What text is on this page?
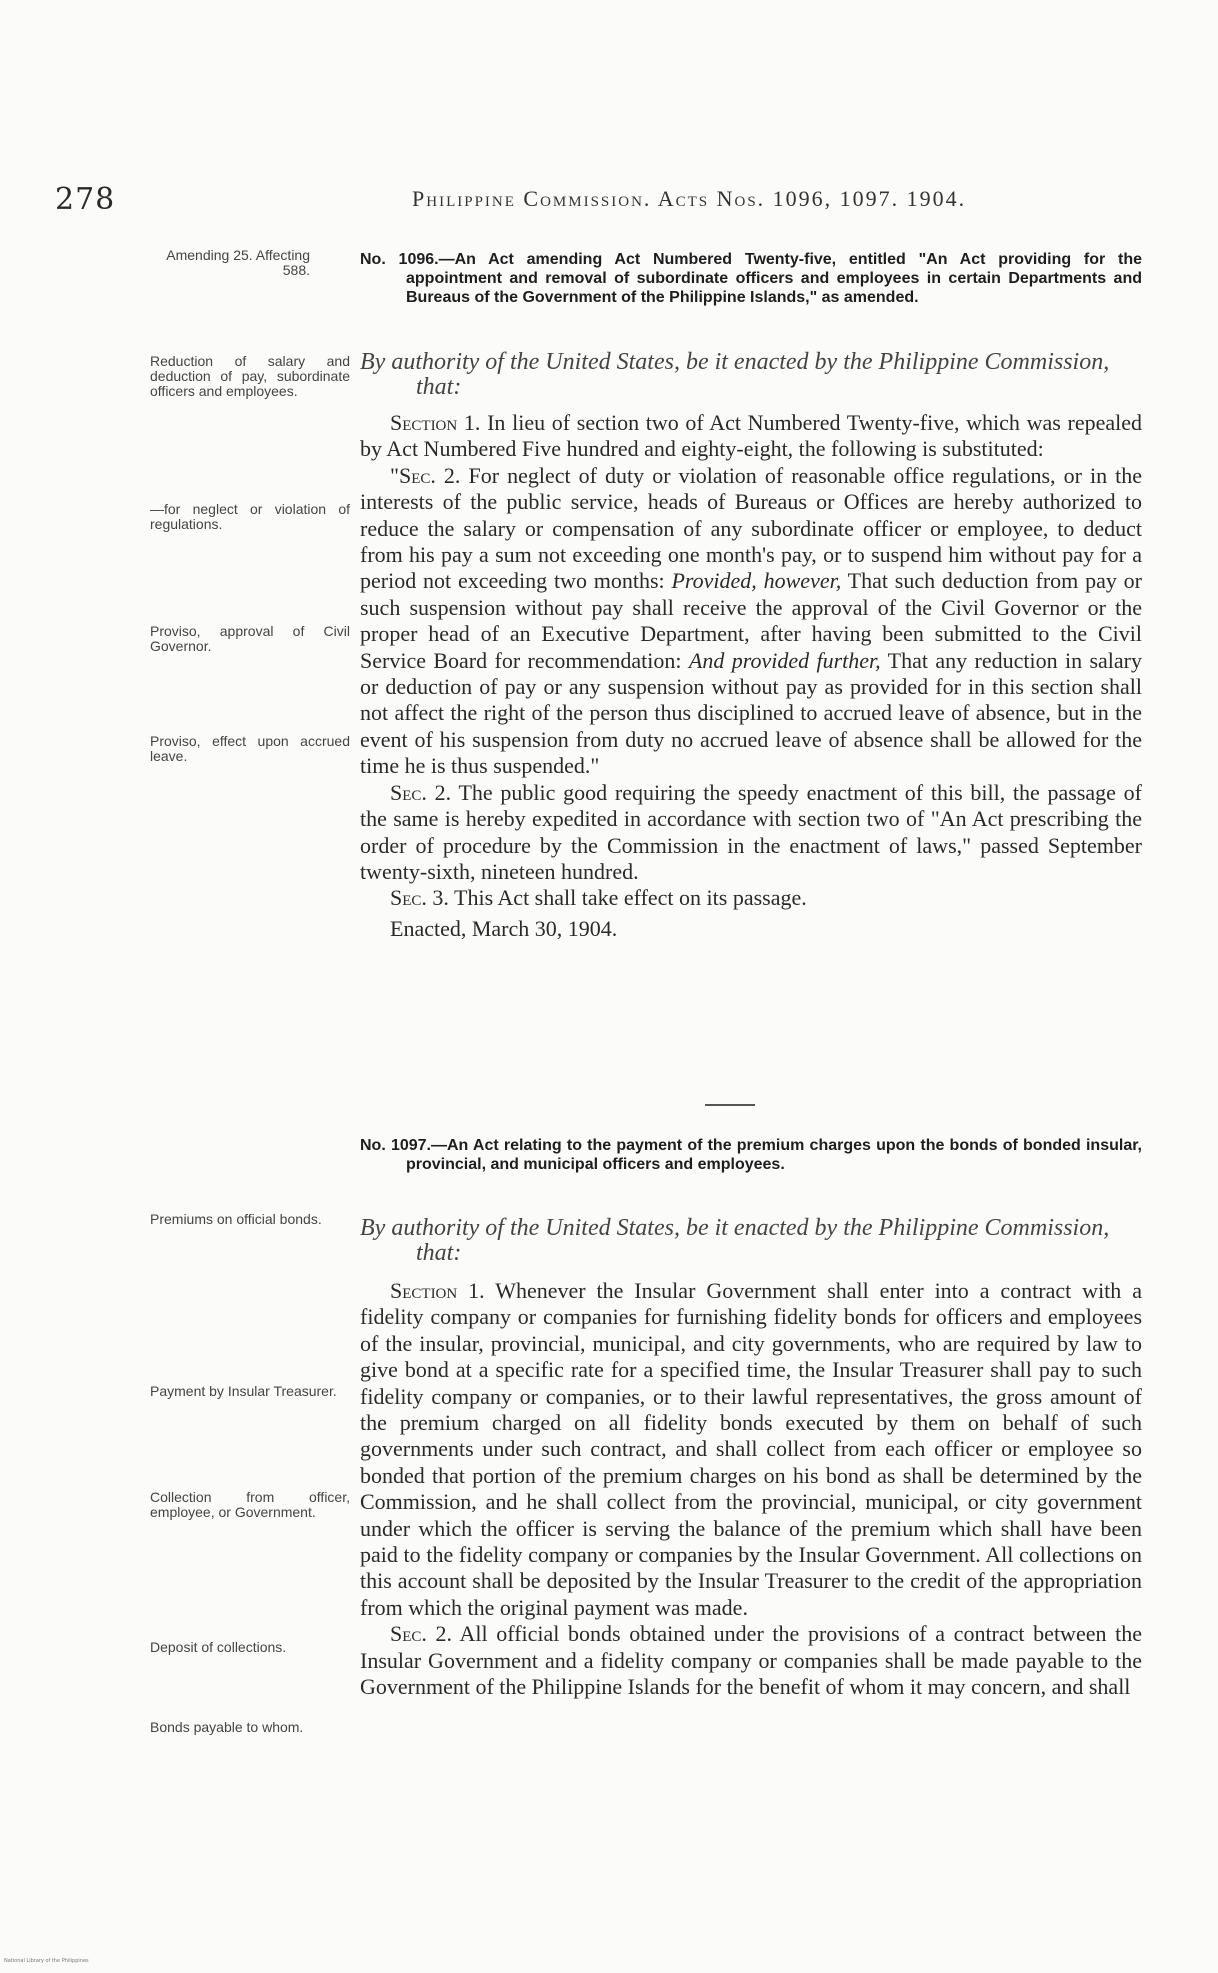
278	Philippine Commission. Acts Nos. 1096, 1097. 1904.
Amending 25. Affecting 588.
No. 1096.—An Act amending Act Numbered Twenty-five, entitled "An Act providing for the appointment and removal of subordinate officers and employees in certain Departments and Bureaus of the Government of the Philippine Islands," as amended.
By authority of the United States, be it enacted by the Philippine Commission, that:
Reduction of salary and deduction of pay, subordinate officers and employees.
—for neglect or violation of regulations.
Proviso, approval of Civil Governor.
Proviso, effect upon accrued leave.

Section 1. In lieu of section two of Act Numbered Twenty-five, which was repealed by Act Numbered Five hundred and eighty-eight, the following is substituted:

"Sec. 2. For neglect of duty or violation of reasonable office regulations, or in the interests of the public service, heads of Bureaus or Offices are hereby authorized to reduce the salary or compensation of any subordinate officer or employee, to deduct from his pay a sum not exceeding one month's pay, or to suspend him without pay for a period not exceeding two months: Provided, however, That such deduction from pay or such suspension without pay shall receive the approval of the Civil Governor or the proper head of an Executive Department, after having been submitted to the Civil Service Board for recommendation: And provided further, That any reduction in salary or deduction of pay or any suspension without pay as provided for in this section shall not affect the right of the person thus disciplined to accrued leave of absence, but in the event of his suspension from duty no accrued leave of absence shall be allowed for the time he is thus suspended."

Sec. 2. The public good requiring the speedy enactment of this bill, the passage of the same is hereby expedited in accordance with section two of "An Act prescribing the order of procedure by the Commission in the enactment of laws," passed September twenty-sixth, nineteen hundred.

Sec. 3. This Act shall take effect on its passage.

Enacted, March 30, 1904.

No. 1097.—An Act relating to the payment of the premium charges upon the bonds of bonded insular, provincial, and municipal officers and employees.
By authority of the United States, be it enacted by the Philippine Commission, that:
Premiums on official bonds.
Payment by Insular Treasurer.
Collection from officer, employee, or Government.
Deposit of collections.
Bonds payable to whom.

Section 1. Whenever the Insular Government shall enter into a contract with a fidelity company or companies for furnishing fidelity bonds for officers and employees of the insular, provincial, municipal, and city governments, who are required by law to give bond at a specific rate for a specified time, the Insular Treasurer shall pay to such fidelity company or companies, or to their lawful representatives, the gross amount of the premium charged on all fidelity bonds executed by them on behalf of such governments under such contract, and shall collect from each officer or employee so bonded that portion of the premium charges on his bond as shall be determined by the Commission, and he shall collect from the provincial, municipal, or city government under which the officer is serving the balance of the premium which shall have been paid to the fidelity company or companies by the Insular Government. All collections on this account shall be deposited by the Insular Treasurer to the credit of the appropriation from which the original payment was made.

Sec. 2. All official bonds obtained under the provisions of a contract between the Insular Government and a fidelity company or companies shall be made payable to the Government of the Philippine Islands for the benefit of whom it may concern, and shall

National Library of the Philippines
